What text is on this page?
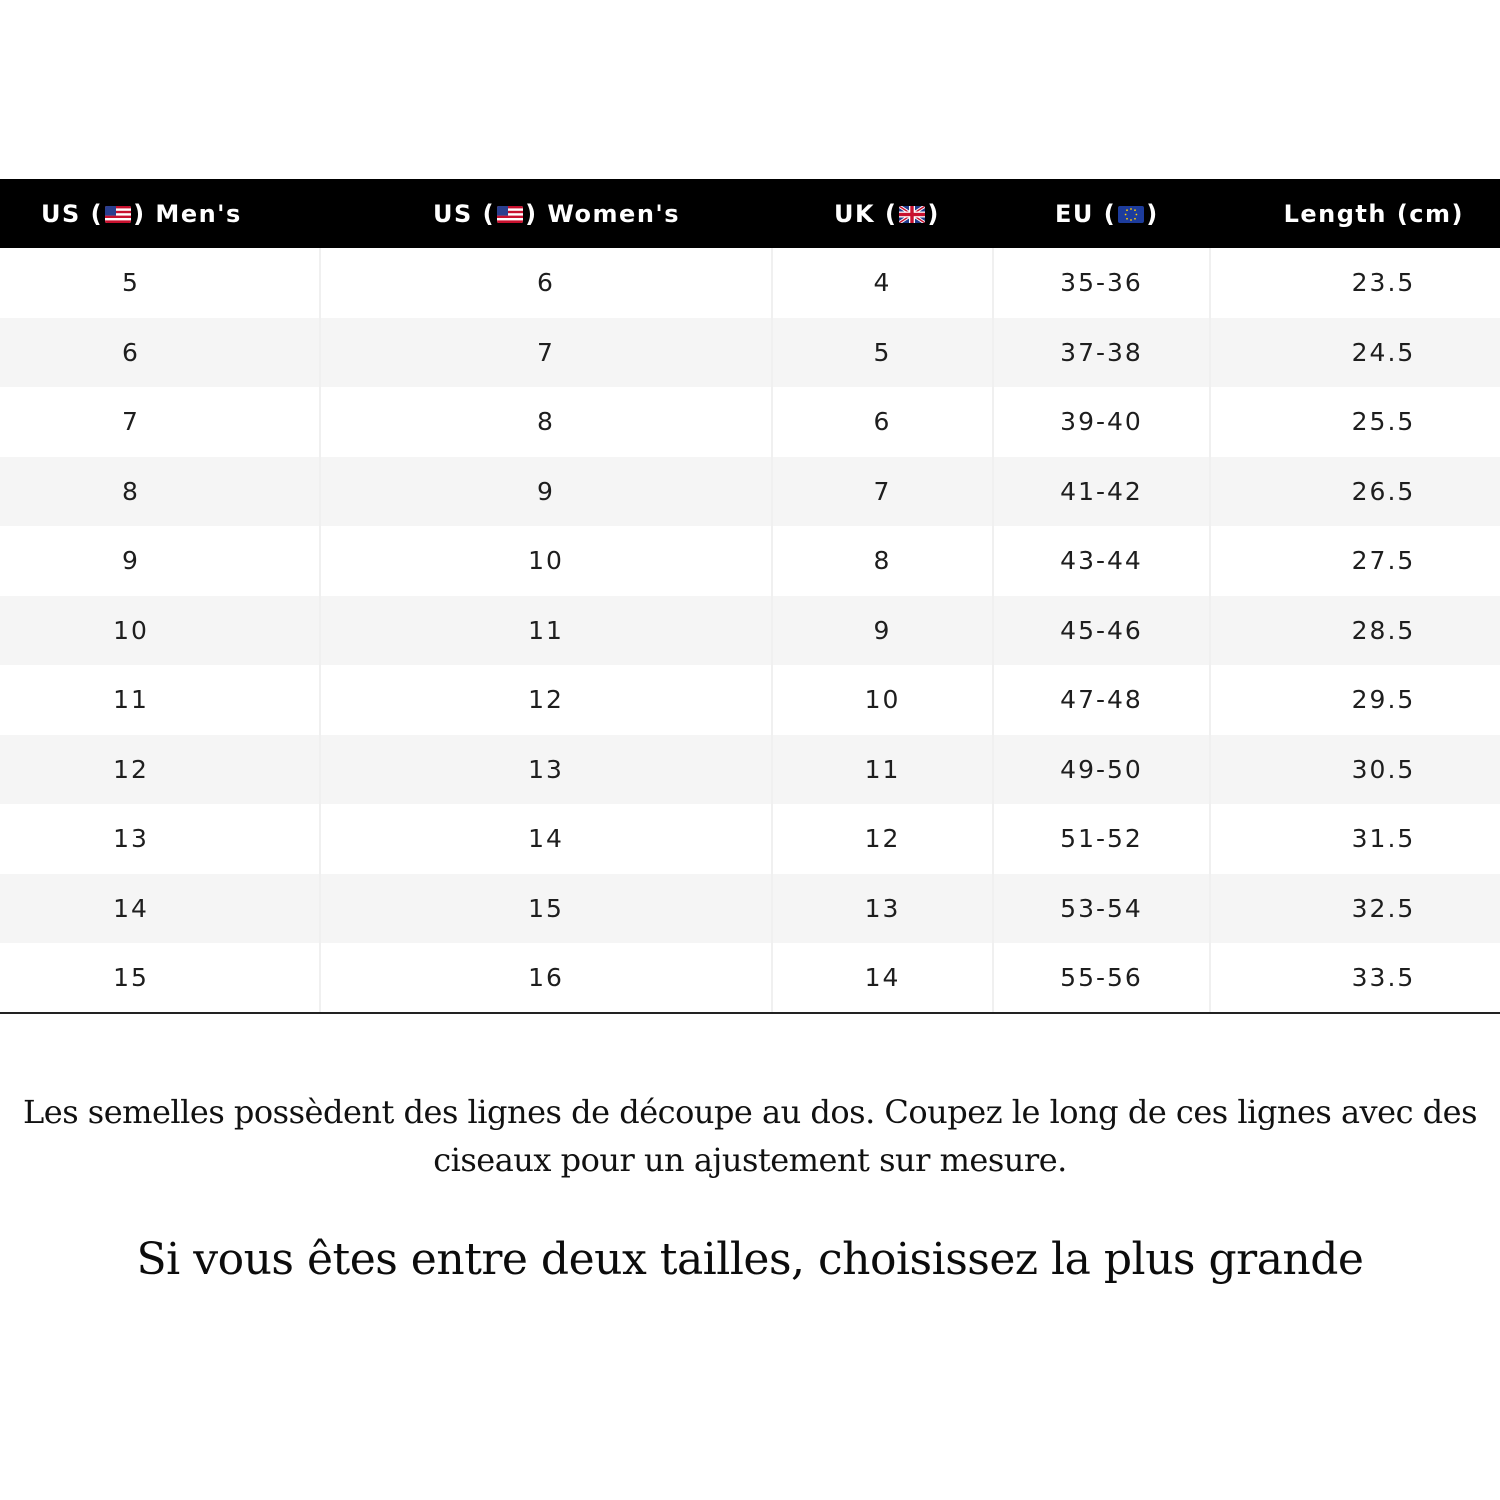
US ( ) Men's	US ( ) Women's	UK ( )	EU ( )	Length (cm)
5	6	4	35-36	23.5
6	7	5	37-38	24.5
7	8	6	39-40	25.5
8	9	7	41-42	26.5
9	10	8	43-44	27.5
10	11	9	45-46	28.5
11	12	10	47-48	29.5
12	13	11	49-50	30.5
13	14	12	51-52	31.5
14	15	13	53-54	32.5
15	16	14	55-56	33.5
Les semelles possèdent des lignes de découpe au dos. Coupez le long de ces lignes avec des
ciseaux pour un ajustement sur mesure.
Si vous êtes entre deux tailles, choisissez la plus grande
